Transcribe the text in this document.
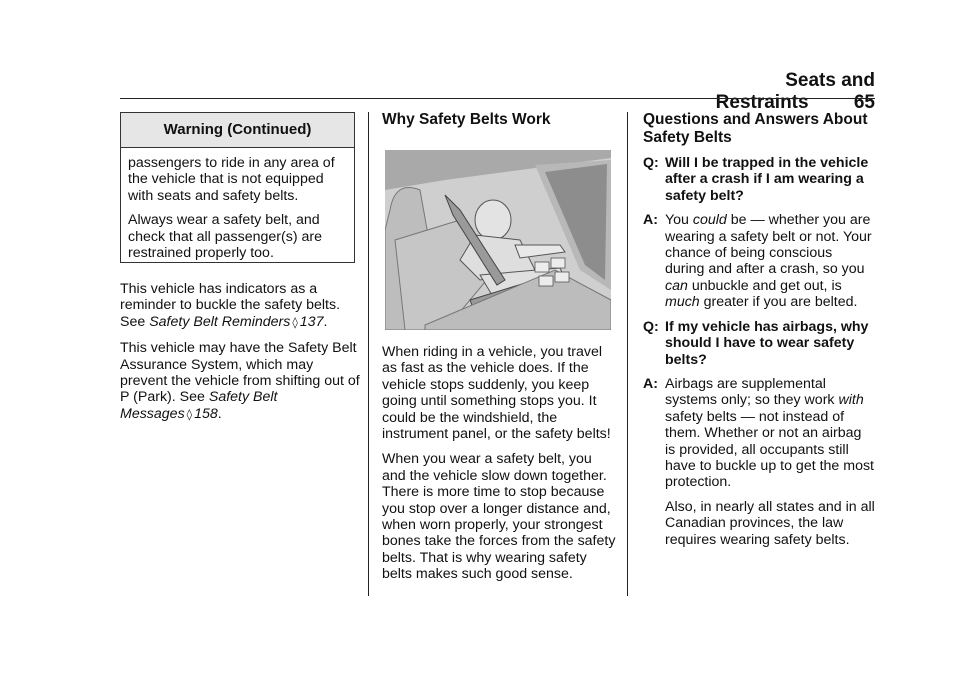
Seats and Restraints 65
Warning (Continued)

passengers to ride in any area of the vehicle that is not equipped with seats and safety belts.

Always wear a safety belt, and check that all passenger(s) are restrained properly too.

This vehicle has indicators as a reminder to buckle the safety belts. See Safety Belt Reminders ◊ 137.

This vehicle may have the Safety Belt Assurance System, which may prevent the vehicle from shifting out of P (Park). See Safety Belt Messages ◊ 158.

Why Safety Belts Work

When riding in a vehicle, you travel as fast as the vehicle does. If the vehicle stops suddenly, you keep going until something stops you. It could be the windshield, the instrument panel, or the safety belts!

When you wear a safety belt, you and the vehicle slow down together. There is more time to stop because you stop over a longer distance and, when worn properly, your strongest bones take the forces from the safety belts. That is why wearing safety belts makes such good sense.

Questions and Answers About Safety Belts
Q: Will I be trapped in the vehicle after a crash if I am wearing a safety belt?
A: You could be — whether you are wearing a safety belt or not. Your chance of being conscious during and after a crash, so you can unbuckle and get out, is much greater if you are belted.
Q: If my vehicle has airbags, why should I have to wear safety belts?
A: Airbags are supplemental systems only; so they work with safety belts — not instead of them. Whether or not an airbag is provided, all occupants still have to buckle up to get the most protection.
Also, in nearly all states and in all Canadian provinces, the law requires wearing safety belts.
